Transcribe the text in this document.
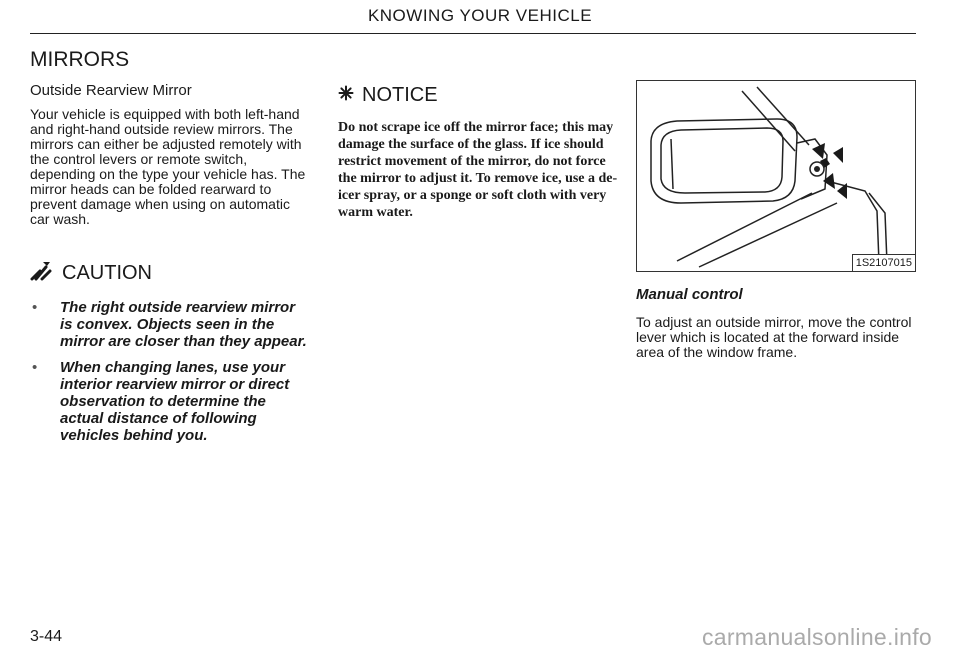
KNOWING YOUR VEHICLE
MIRRORS
Outside Rearview Mirror

Your vehicle is equipped with both left-hand and right-hand outside review mirrors. The mirrors can either be adjusted remotely with the control levers or remote switch, depending on the type your vehicle has. The mirror heads can be folded rearward to prevent damage when using on automatic car wash.

CAUTION
• The right outside rearview mirror is convex. Objects seen in the mirror are closer than they appear.
• When changing lanes, use your interior rearview mirror or direct observation to determine the actual distance of following vehicles behind you.
NOTICE

Do not scrape ice off the mirror face; this may damage the surface of the glass. If ice should restrict movement of the mirror, do not force the mirror to adjust it. To remove ice, use a de-icer spray, or a sponge or soft cloth with very warm water.

1S2107015
Manual control

To adjust an outside mirror, move the control lever which is located at the forward inside area of the window frame.

3-44	carmanualsonline.info
